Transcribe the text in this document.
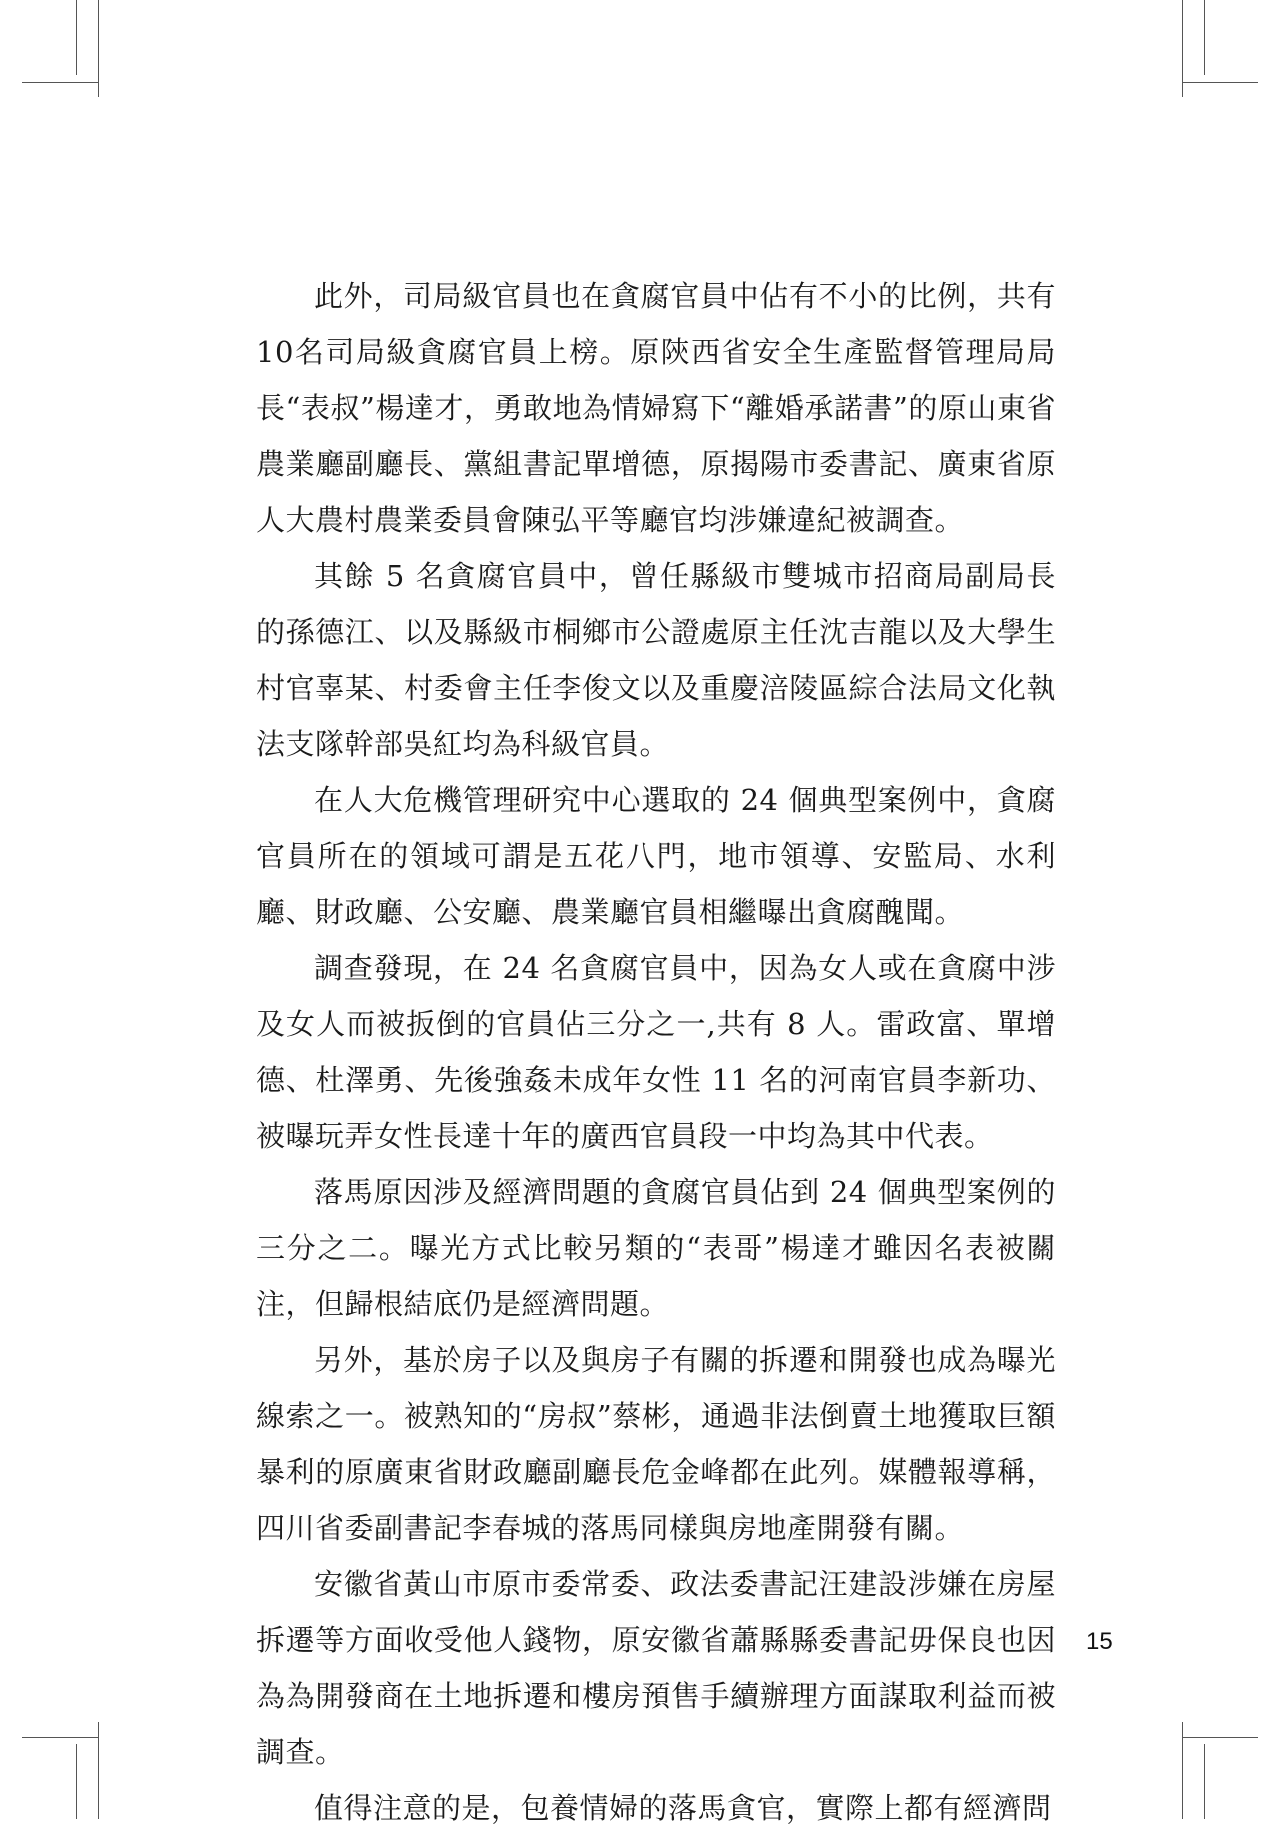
此外，司局級官員也在貪腐官員中佔有不小的比例，共有10名司局級貪腐官員上榜。原陝西省安全生產監督管理局局長“表叔”楊達才，勇敢地為情婦寫下“離婚承諾書”的原山東省農業廳副廳長、黨組書記單增德，原揭陽市委書記、廣東省原人大農村農業委員會陳弘平等廳官均涉嫌違紀被調查。

其餘 5 名貪腐官員中，曾任縣級市雙城市招商局副局長的孫德江、以及縣級市桐鄉市公證處原主任沈吉龍以及大學生村官辜某、村委會主任李俊文以及重慶涪陵區綜合法局文化執法支隊幹部吳紅均為科級官員。

在人大危機管理研究中心選取的 24 個典型案例中，貪腐官員所在的領域可謂是五花八門，地市領導、安監局、水利廳、財政廳、公安廳、農業廳官員相繼曝出貪腐醜聞。

調查發現，在 24 名貪腐官員中，因為女人或在貪腐中涉及女人而被扳倒的官員佔三分之一,共有 8 人。雷政富、單增德、杜澤勇、先後強姦未成年女性 11 名的河南官員李新功、被曝玩弄女性長達十年的廣西官員段一中均為其中代表。

落馬原因涉及經濟問題的貪腐官員佔到 24 個典型案例的三分之二。曝光方式比較另類的“表哥”楊達才雖因名表被關注，但歸根結底仍是經濟問題。

另外，基於房子以及與房子有關的拆遷和開發也成為曝光線索之一。被熟知的“房叔”蔡彬，通過非法倒賣土地獲取巨額暴利的原廣東省財政廳副廳長危金峰都在此列。媒體報導稱，四川省委副書記李春城的落馬同樣與房地產開發有關。

安徽省黃山市原市委常委、政法委書記汪建設涉嫌在房屋拆遷等方面收受他人錢物，原安徽省蕭縣縣委書記毋保良也因為為開發商在土地拆遷和樓房預售手續辦理方面謀取利益而被調查。

值得注意的是，包養情婦的落馬貪官，實際上都有經濟問

15
